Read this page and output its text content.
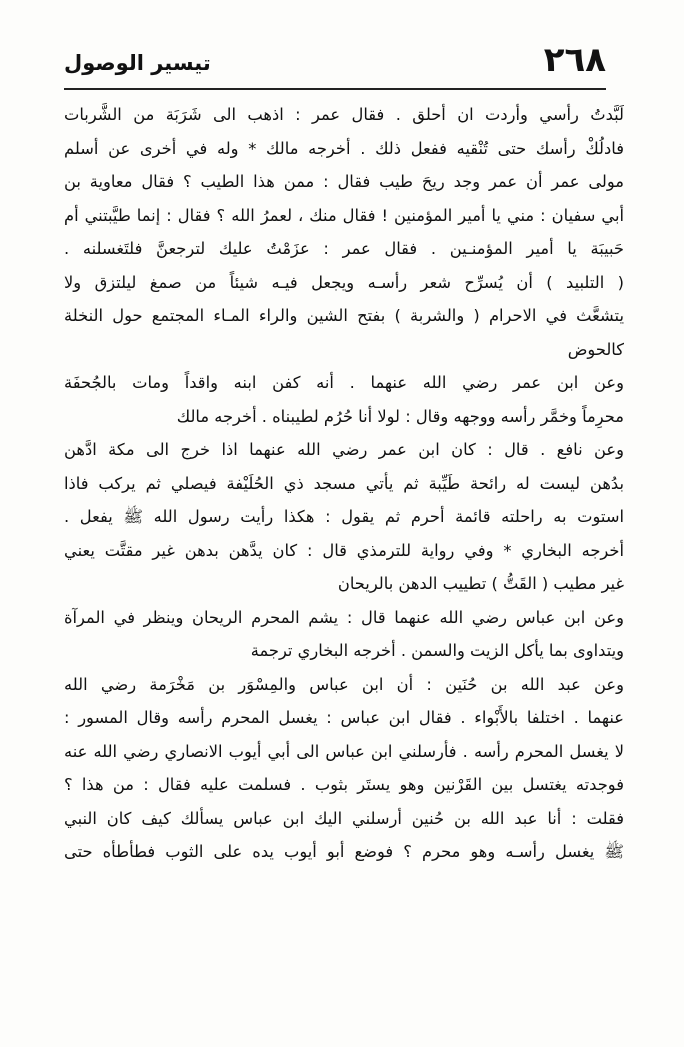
٢٦٨
تيسير الوصول
لَبَّدتُ رأسي وأردت ان أحلق . فقال عمر : اذهب الى شَرَبَة من الشَّربات
فادلُكْ رأسك حتى تُنْقيه ففعل ذلك . أخرجه مالك * وله في أخرى عن أسلم
مولى عمر أن عمر وجد ريحَ طيب فقال : ممن هذا الطيب ؟ فقال معاوية بن
أبي سفيان : مني يا أمير المؤمنين ! فقال منك ، لعمرُ الله ؟ فقال : إنما طيَّبتني أم
حَبيبَة يا أمير المؤمنـين . فقال عمر : عزَمْتُ عليك لترجعنَّ فلتَغسلنه .
( التلبيد ) أن يُسرِّح شعر رأسـه ويجعل فيـه شيئاً من صمغ ليلتزق ولا
يتشعَّث في الاحرام ( والشربة ) بفتح الشين والراء المـاء المجتمع حول النخلة
كالحوض
وعن ابن عمر رضي الله عنهما . أنه كفن ابنه واقداً ومات بالجُحفَة
محرِماً وخمَّر رأسه ووجهه وقال : لولا أنا حُرُم لطيبناه . أخرجه مالك
وعن نافع . قال : كان ابن عمر رضي الله عنهما اذا خرج الى مكة ادَّهن
بدُهن ليست له رائحة طَيِّبة ثم يأتي مسجد ذي الحُلَيْفة فيصلي ثم يركب فاذا
استوت به راحلته قائمة أحرم ثم يقول : هكذا رأيت رسول الله ﷺ يفعل .
أخرجه البخاري * وفي رواية للترمذي قال : كان يدَّهن بدهن غير مقتَّت يعني
غير مطيب ( القَتُّ ) تطييب الدهن بالريحان
وعن ابن عباس رضي الله عنهما قال : يشم المحرم الريحان وينظر في المرآة
ويتداوى بما يأكل الزيت والسمن . أخرجه البخاري ترجمة
وعن عبد الله بن حُنَين : أن ابن عباس والمِسْوَر بن مَخْرَمة رضي الله
عنهما . اختلفا بالأَبْواء . فقال ابن عباس : يغسل المحرم رأسه وقال المسور :
لا يغسل المحرم رأسه . فأرسلني ابن عباس الى أبي أيوب الانصاري رضي الله عنه
فوجدته يغتسل بين القَرْنين وهو يستَر بثوب . فسلمت عليه فقال : من هذا ؟
فقلت : أنا عبد الله بن حُنين أرسلني اليك ابن عباس يسألك كيف كان النبي
ﷺ يغسل رأسـه وهو محرم ؟ فوضع أبو أيوب يده على الثوب فطأطأه حتى
